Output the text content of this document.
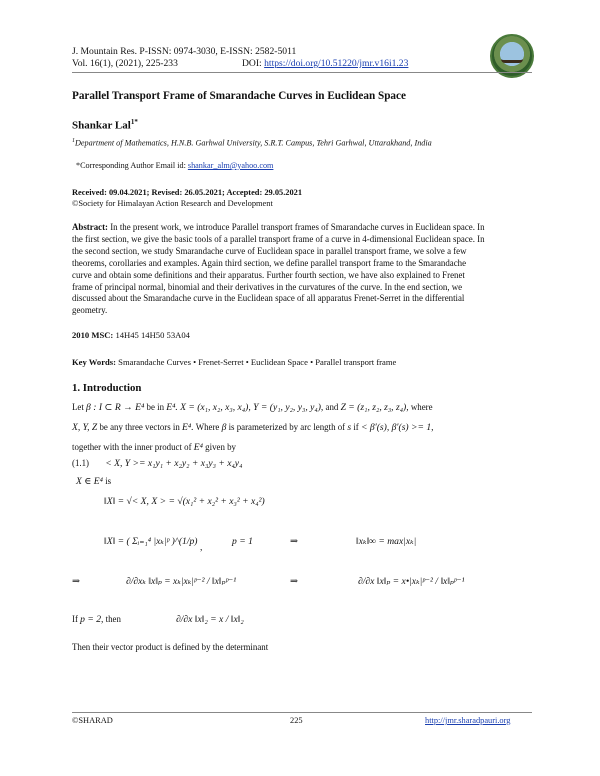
J. Mountain Res. P-ISSN: 0974-3030, E-ISSN: 2582-5011
Vol. 16(1), (2021), 225-233	DOI: https://doi.org/10.51220/jmr.v16i1.23
Parallel Transport Frame of Smarandache Curves in Euclidean Space
Shankar Lal$^{1*}$
$^1$Department of Mathematics, H.N.B. Garhwal University, S.R.T. Campus, Tehri Garhwal, Uttarakhand, India
*Corresponding Author Email id: shankar_alm@yahoo.com
Received: 09.04.2021; Revised: 26.05.2021; Accepted: 29.05.2021
©Society for Himalayan Action Research and Development
Abstract: In the present work, we introduce Parallel transport frames of Smarandache curves in Euclidean space. In
the first section, we give the basic tools of a parallel transport frame of a curve in 4-dimensional Euclidean space. In
the second section, we study Smarandache curve of Euclidean space in parallel transport frame, we solve a few
theorems, corollaries and examples. Again third section, we define parallel transport frame to the Smarandache
curve and obtain some definitions and their apparatus. Further fourth section, we have also explained to Frenet
frame of principal normal, binomial and their derivatives in the curvatures of the curve. In the end section, we
discussed about the Smarandache curve in the Euclidean space of all apparatus Frenet-Serret in the differential
geometry.
2010 MSC: 14H45 14H50 53A04
Key Words: Smarandache Curves • Frenet-Serret • Euclidean Space • Parallel transport frame
1. Introduction
Let β : I ⊂ R → E⁴ be in E⁴. X = (x₁, x₂, x₃, x₄), Y = (y₁, y₂, y₃, y₄), and Z = (z₁, z₂, z₃, z₄), where
X, Y, Z be any three vectors in E⁴. Where β is parameterized by arc length of s if < β′(s), β′(s) >= 1,
together with the inner product of E⁴ given by
(1.1) < X, Y >= x₁y₁ + x₂y₂ + x₃y₃ + x₄y₄
X ∈ E⁴ is
‖X‖ = √< X, X > = √(x₁² + x₂² + x₃² + x₄²)
‖X‖ = ( Σᵢ₌₁⁴ |xₖ|ᵖ )^(1/p)
,
p = 1	⇒	‖xₖ‖∞ = max|xₖ|
⇒	∂/∂xₖ ‖x‖ₚ = xₖ|xₖ|ᵖ⁻² / ‖x‖ₚᵖ⁻¹	⇒	∂/∂x ‖x‖ₚ = x•|xₖ|ᵖ⁻² / ‖x‖ₚᵖ⁻¹
If p = 2, then	∂/∂x ‖x‖₂ = x / ‖x‖₂
Then their vector product is defined by the determinant
©SHARAD	225	http://jmr.sharadpauri.org
